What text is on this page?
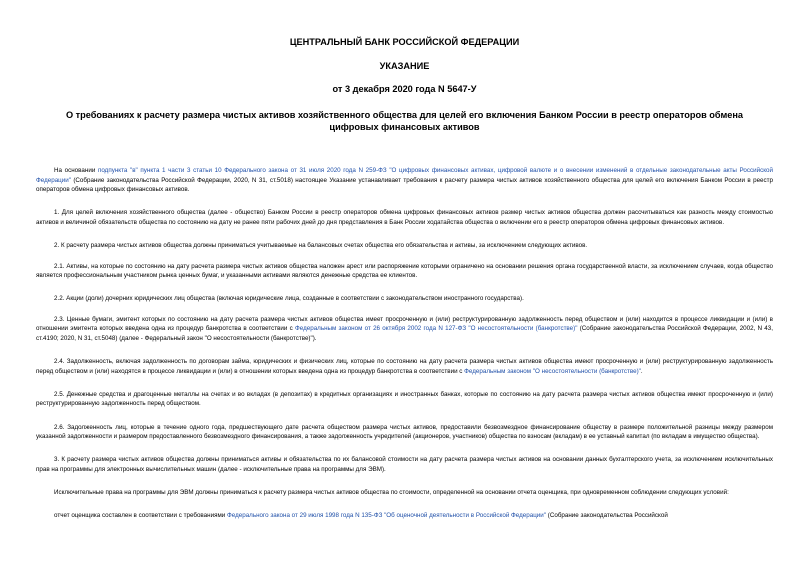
ЦЕНТРАЛЬНЫЙ БАНК РОССИЙСКОЙ ФЕДЕРАЦИИ
УКАЗАНИЕ
от 3 декабря 2020 года N 5647-У
О требованиях к расчету размера чистых активов хозяйственного общества для целей его включения Банком России в реестр операторов обмена цифровых финансовых активов

На основании подпункта "в" пункта 1 части 3 статьи 10 Федерального закона от 31 июля 2020 года N 259-ФЗ "О цифровых финансовых активах, цифровой валюте и о внесении изменений в отдельные законодательные акты Российской Федерации" (Собрание законодательства Российской Федерации, 2020, N 31, ст.5018) настоящее Указание устанавливает требования к расчету размера чистых активов хозяйственного общества для целей его включения Банком России в реестр операторов обмена цифровых финансовых активов.

1. Для целей включения хозяйственного общества (далее - общество) Банком России в реестр операторов обмена цифровых финансовых активов размер чистых активов общества должен рассчитываться как разность между стоимостью активов и величиной обязательств общества по состоянию на дату не ранее пяти рабочих дней до дня представления в Банк России ходатайства общества о включении его в реестр операторов обмена цифровых финансовых активов.

2. К расчету размера чистых активов общества должны приниматься учитываемые на балансовых счетах общества его обязательства и активы, за исключением следующих активов.

2.1. Активы, на которые по состоянию на дату расчета размера чистых активов общества наложен арест или распоряжение которыми ограничено на основании решения органа государственной власти, за исключением случаев, когда общество является профессиональным участником рынка ценных бумаг, и указанными активами являются денежные средства ее клиентов.

2.2. Акции (доли) дочерних юридических лиц общества (включая юридические лица, созданные в соответствии с законодательством иностранного государства).

2.3. Ценные бумаги, эмитент которых по состоянию на дату расчета размера чистых активов общества имеет просроченную и (или) реструктурированную задолженность перед обществом и (или) находится в процессе ликвидации и (или) в отношении эмитента которых введена одна из процедур банкротства в соответствии с Федеральным законом от 26 октября 2002 года N 127-ФЗ "О несостоятельности (банкротстве)" (Собрание законодательства Российской Федерации, 2002, N 43, ст.4190; 2020, N 31, ст.5048) (далее - Федеральный закон "О несостоятельности (банкротстве)").

2.4. Задолженность, включая задолженность по договорам займа, юридических и физических лиц, которые по состоянию на дату расчета размера чистых активов общества имеют просроченную и (или) реструктурированную задолженность перед обществом и (или) находятся в процессе ликвидации и (или) в отношении которых введена одна из процедур банкротства в соответствии с Федеральным законом "О несостоятельности (банкротстве)".

2.5. Денежные средства и драгоценные металлы на счетах и во вкладах (в депозитах) в кредитных организациях и иностранных банках, которые по состоянию на дату расчета размера чистых активов общества имеют просроченную и (или) реструктурированную задолженность перед обществом.

2.6. Задолженность лиц, которые в течение одного года, предшествующего дате расчета обществом размера чистых активов, предоставили безвозмездное финансирование обществу в размере положительной разницы между размером указанной задолженности и размером предоставленного безвозмездного финансирования, а также задолженность учредителей (акционеров, участников) общества по взносам (вкладам) в ее уставный капитал (по вкладам в имущество общества).

3. К расчету размера чистых активов общества должны приниматься активы и обязательства по их балансовой стоимости на дату расчета размера чистых активов на основании данных бухгалтерского учета, за исключением исключительных прав на программы для электронных вычислительных машин (далее - исключительные права на программы для ЭВМ).

Исключительные права на программы для ЭВМ должны приниматься к расчету размера чистых активов общества по стоимости, определенной на основании отчета оценщика, при одновременном соблюдении следующих условий:

отчет оценщика составлен в соответствии с требованиями Федерального закона от 29 июля 1998 года N 135-ФЗ "Об оценочной деятельности в Российской Федерации" (Собрание законодательства Российской
